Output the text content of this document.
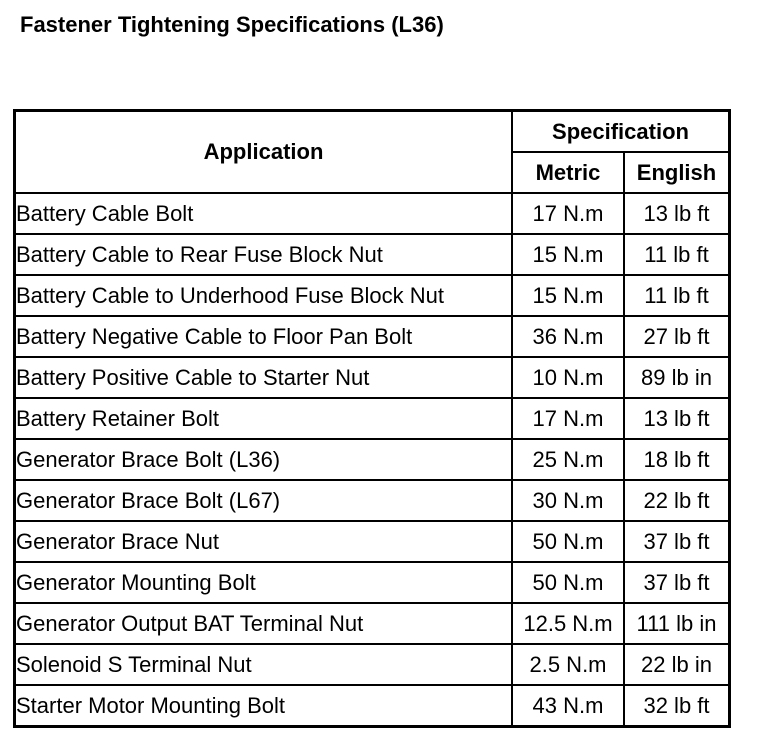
Fastener Tightening Specifications (L36)
Application	Specification	
	Metric	English
Battery Cable Bolt	17 N.m	13 lb ft
Battery Cable to Rear Fuse Block Nut	15 N.m	11 lb ft
Battery Cable to Underhood Fuse Block Nut	15 N.m	11 lb ft
Battery Negative Cable to Floor Pan Bolt	36 N.m	27 lb ft
Battery Positive Cable to Starter Nut	10 N.m	89 lb in
Battery Retainer Bolt	17 N.m	13 lb ft
Generator Brace Bolt (L36)	25 N.m	18 lb ft
Generator Brace Bolt (L67)	30 N.m	22 lb ft
Generator Brace Nut	50 N.m	37 lb ft
Generator Mounting Bolt	50 N.m	37 lb ft
Generator Output BAT Terminal Nut	12.5 N.m	111 lb in
Solenoid S Terminal Nut	2.5 N.m	22 lb in
Starter Motor Mounting Bolt	43 N.m	32 lb ft
